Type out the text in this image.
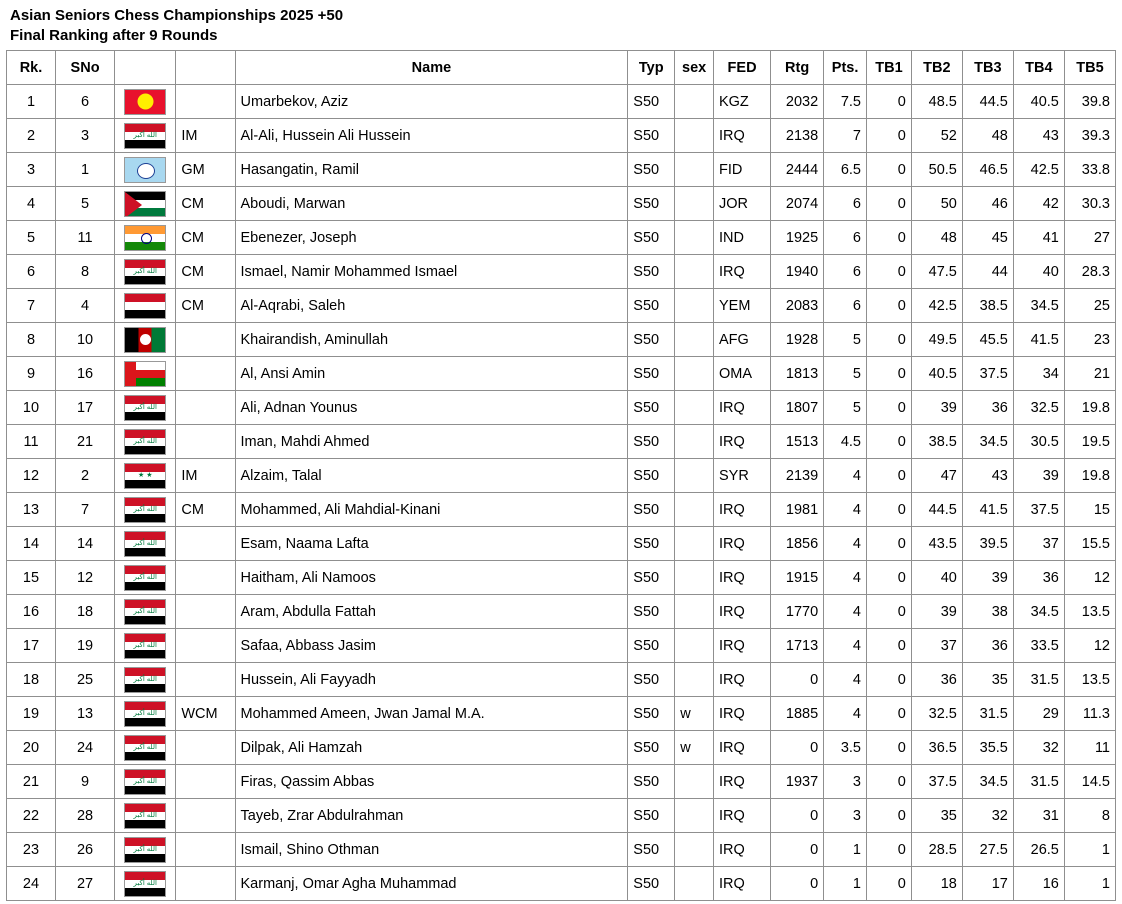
Asian Seniors Chess Championships 2025 +50
Final Ranking after 9 Rounds
Rk.	SNo			Name	Typ	sex	FED	Rtg	Pts.	TB1	TB2	TB3	TB4	TB5
1	6			Umarbekov, Aziz	S50		KGZ	2032	7.5	0	48.5	44.5	40.5	39.8
2	3	الله أكبر	IM	Al-Ali, Hussein Ali Hussein	S50		IRQ	2138	7	0	52	48	43	39.3
3	1		GM	Hasangatin, Ramil	S50		FID	2444	6.5	0	50.5	46.5	42.5	33.8
4	5		CM	Aboudi, Marwan	S50		JOR	2074	6	0	50	46	42	30.3
5	11		CM	Ebenezer, Joseph	S50		IND	1925	6	0	48	45	41	27
6	8	الله أكبر	CM	Ismael, Namir Mohammed Ismael	S50		IRQ	1940	6	0	47.5	44	40	28.3
7	4		CM	Al-Aqrabi, Saleh	S50		YEM	2083	6	0	42.5	38.5	34.5	25
8	10			Khairandish, Aminullah	S50		AFG	1928	5	0	49.5	45.5	41.5	23
9	16			Al, Ansi Amin	S50		OMA	1813	5	0	40.5	37.5	34	21
10	17	الله أكبر		Ali, Adnan Younus	S50		IRQ	1807	5	0	39	36	32.5	19.8
11	21	الله أكبر		Iman, Mahdi Ahmed	S50		IRQ	1513	4.5	0	38.5	34.5	30.5	19.5
12	2	★ ★	IM	Alzaim, Talal	S50		SYR	2139	4	0	47	43	39	19.8
13	7	الله أكبر	CM	Mohammed, Ali Mahdial-Kinani	S50		IRQ	1981	4	0	44.5	41.5	37.5	15
14	14	الله أكبر		Esam, Naama Lafta	S50		IRQ	1856	4	0	43.5	39.5	37	15.5
15	12	الله أكبر		Haitham, Ali Namoos	S50		IRQ	1915	4	0	40	39	36	12
16	18	الله أكبر		Aram, Abdulla Fattah	S50		IRQ	1770	4	0	39	38	34.5	13.5
17	19	الله أكبر		Safaa, Abbass Jasim	S50		IRQ	1713	4	0	37	36	33.5	12
18	25	الله أكبر		Hussein, Ali Fayyadh	S50		IRQ	0	4	0	36	35	31.5	13.5
19	13	الله أكبر	WCM	Mohammed Ameen, Jwan Jamal M.A.	S50	w	IRQ	1885	4	0	32.5	31.5	29	11.3
20	24	الله أكبر		Dilpak, Ali Hamzah	S50	w	IRQ	0	3.5	0	36.5	35.5	32	11
21	9	الله أكبر		Firas, Qassim Abbas	S50		IRQ	1937	3	0	37.5	34.5	31.5	14.5
22	28	الله أكبر		Tayeb, Zrar Abdulrahman	S50		IRQ	0	3	0	35	32	31	8
23	26	الله أكبر		Ismail, Shino Othman	S50		IRQ	0	1	0	28.5	27.5	26.5	1
24	27	الله أكبر		Karmanj, Omar Agha Muhammad	S50		IRQ	0	1	0	18	17	16	1
